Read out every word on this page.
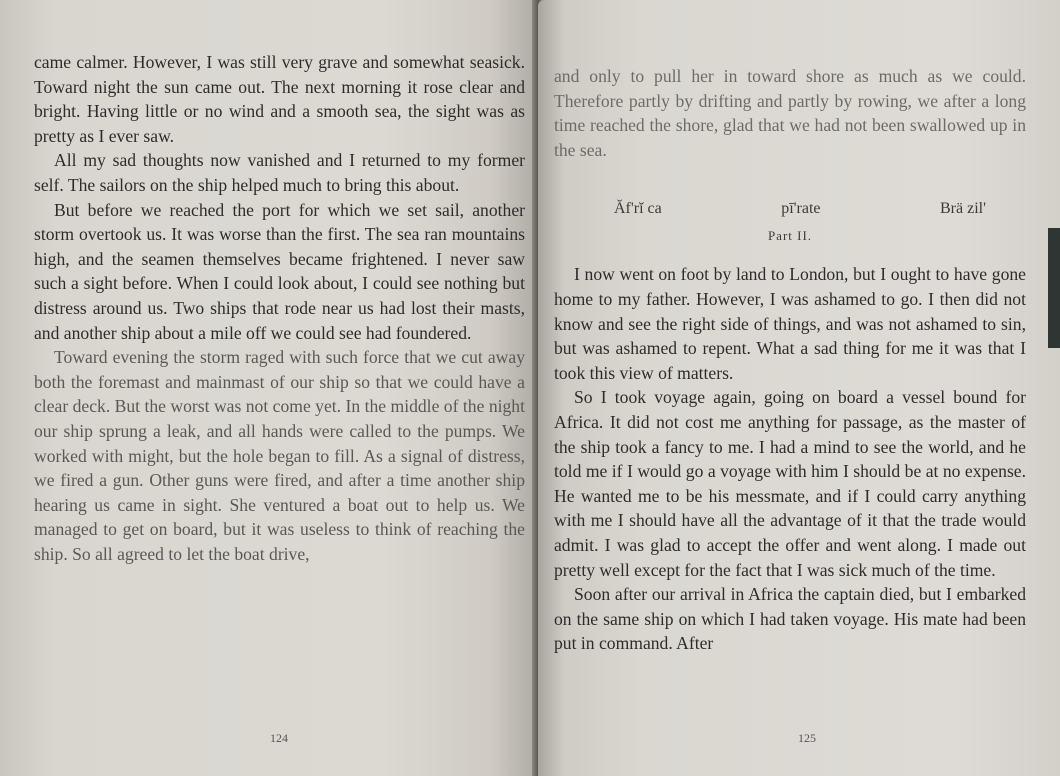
came calmer. However, I was still very grave and somewhat seasick. Toward night the sun came out. The next morning it rose clear and bright. Having little or no wind and a smooth sea, the sight was as pretty as I ever saw.

All my sad thoughts now vanished and I returned to my former self. The sailors on the ship helped much to bring this about.

But before we reached the port for which we set sail, another storm overtook us. It was worse than the first. The sea ran mountains high, and the seamen themselves became frightened. I never saw such a sight before. When I could look about, I could see nothing but distress around us. Two ships that rode near us had lost their masts, and another ship about a mile off we could see had foundered.

Toward evening the storm raged with such force that we cut away both the foremast and mainmast of our ship so that we could have a clear deck. But the worst was not come yet. In the middle of the night our ship sprung a leak, and all hands were called to the pumps. We worked with might, but the hole began to fill. As a signal of distress, we fired a gun. Other guns were fired, and after a time another ship hearing us came in sight. She ventured a boat out to help us. We managed to get on board, but it was useless to think of reaching the ship. So all agreed to let the boat drive,

124

and only to pull her in toward shore as much as we could. Therefore partly by drifting and partly by rowing, we after a long time reached the shore, glad that we had not been swallowed up in the sea.

Ăf'rĭ ca	pī'rate	Brä zil'
Part II.

I now went on foot by land to London, but I ought to have gone home to my father. However, I was ashamed to go. I then did not know and see the right side of things, and was not ashamed to sin, but was ashamed to repent. What a sad thing for me it was that I took this view of matters.

So I took voyage again, going on board a vessel bound for Africa. It did not cost me anything for passage, as the master of the ship took a fancy to me. I had a mind to see the world, and he told me if I would go a voyage with him I should be at no expense. He wanted me to be his messmate, and if I could carry anything with me I should have all the advantage of it that the trade would admit. I was glad to accept the offer and went along. I made out pretty well except for the fact that I was sick much of the time.

Soon after our arrival in Africa the captain died, but I embarked on the same ship on which I had taken voyage. His mate had been put in command. After

125
